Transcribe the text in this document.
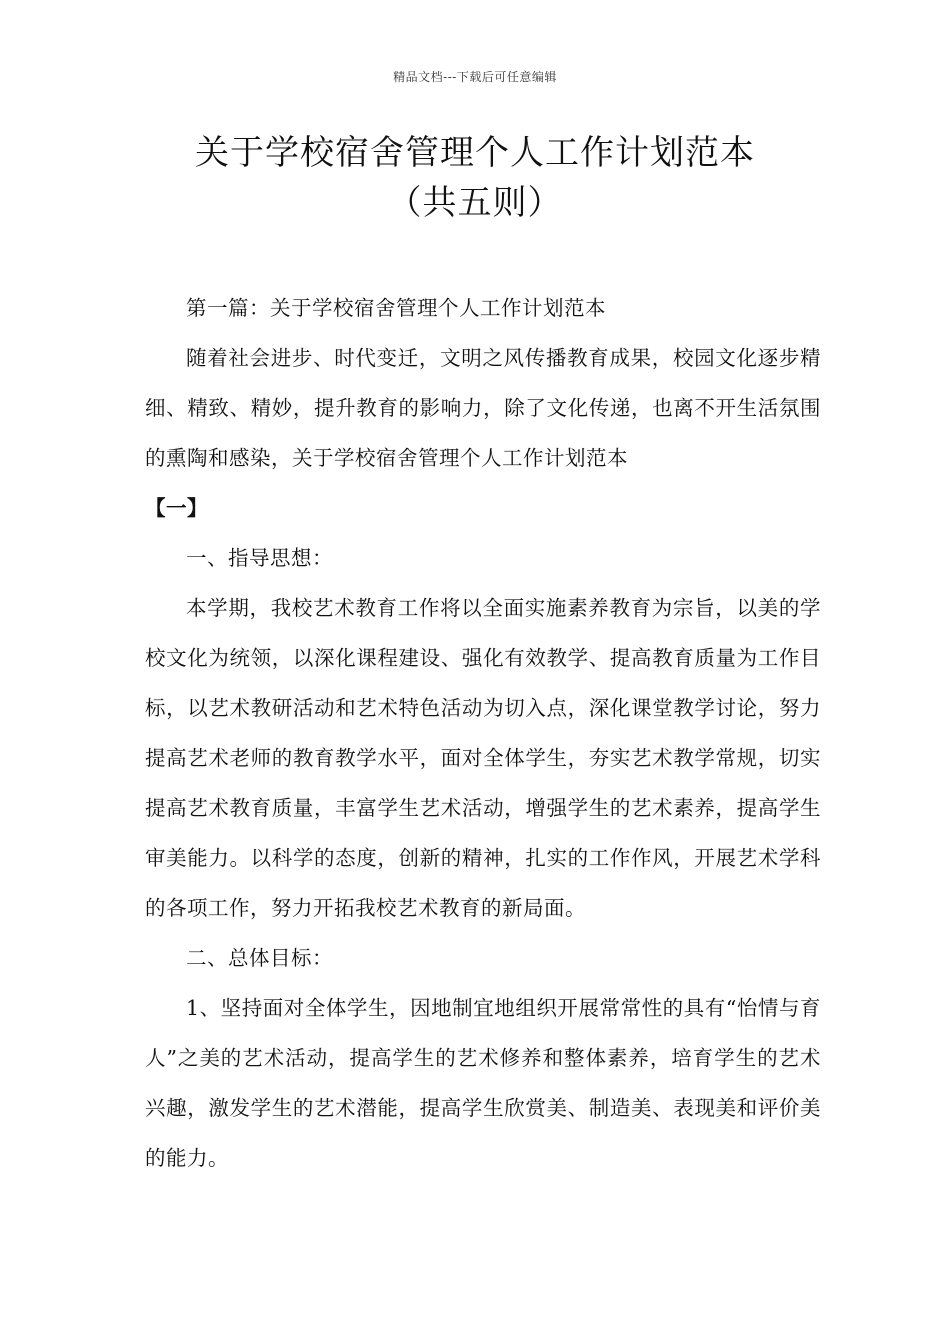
精品文档---下载后可任意编辑
关于学校宿舍管理个人工作计划范本
（共五则）

第一篇：关于学校宿舍管理个人工作计划范本

随着社会进步、时代变迁，文明之风传播教育成果，校园文化逐步精细、精致、精妙，提升教育的影响力，除了文化传递，也离不开生活氛围的熏陶和感染，关于学校宿舍管理个人工作计划范本

【一】

一、指导思想：

本学期，我校艺术教育工作将以全面实施素养教育为宗旨，以美的学校文化为统领，以深化课程建设、强化有效教学、提高教育质量为工作目标，以艺术教研活动和艺术特色活动为切入点，深化课堂教学讨论，努力提高艺术老师的教育教学水平，面对全体学生，夯实艺术教学常规，切实提高艺术教育质量，丰富学生艺术活动，增强学生的艺术素养，提高学生审美能力。以科学的态度，创新的精神，扎实的工作作风，开展艺术学科的各项工作，努力开拓我校艺术教育的新局面。

二、总体目标：

1、坚持面对全体学生，因地制宜地组织开展常常性的具有“怡情与育人”之美的艺术活动，提高学生的艺术修养和整体素养，培育学生的艺术兴趣，激发学生的艺术潜能，提高学生欣赏美、制造美、表现美和评价美的能力。
